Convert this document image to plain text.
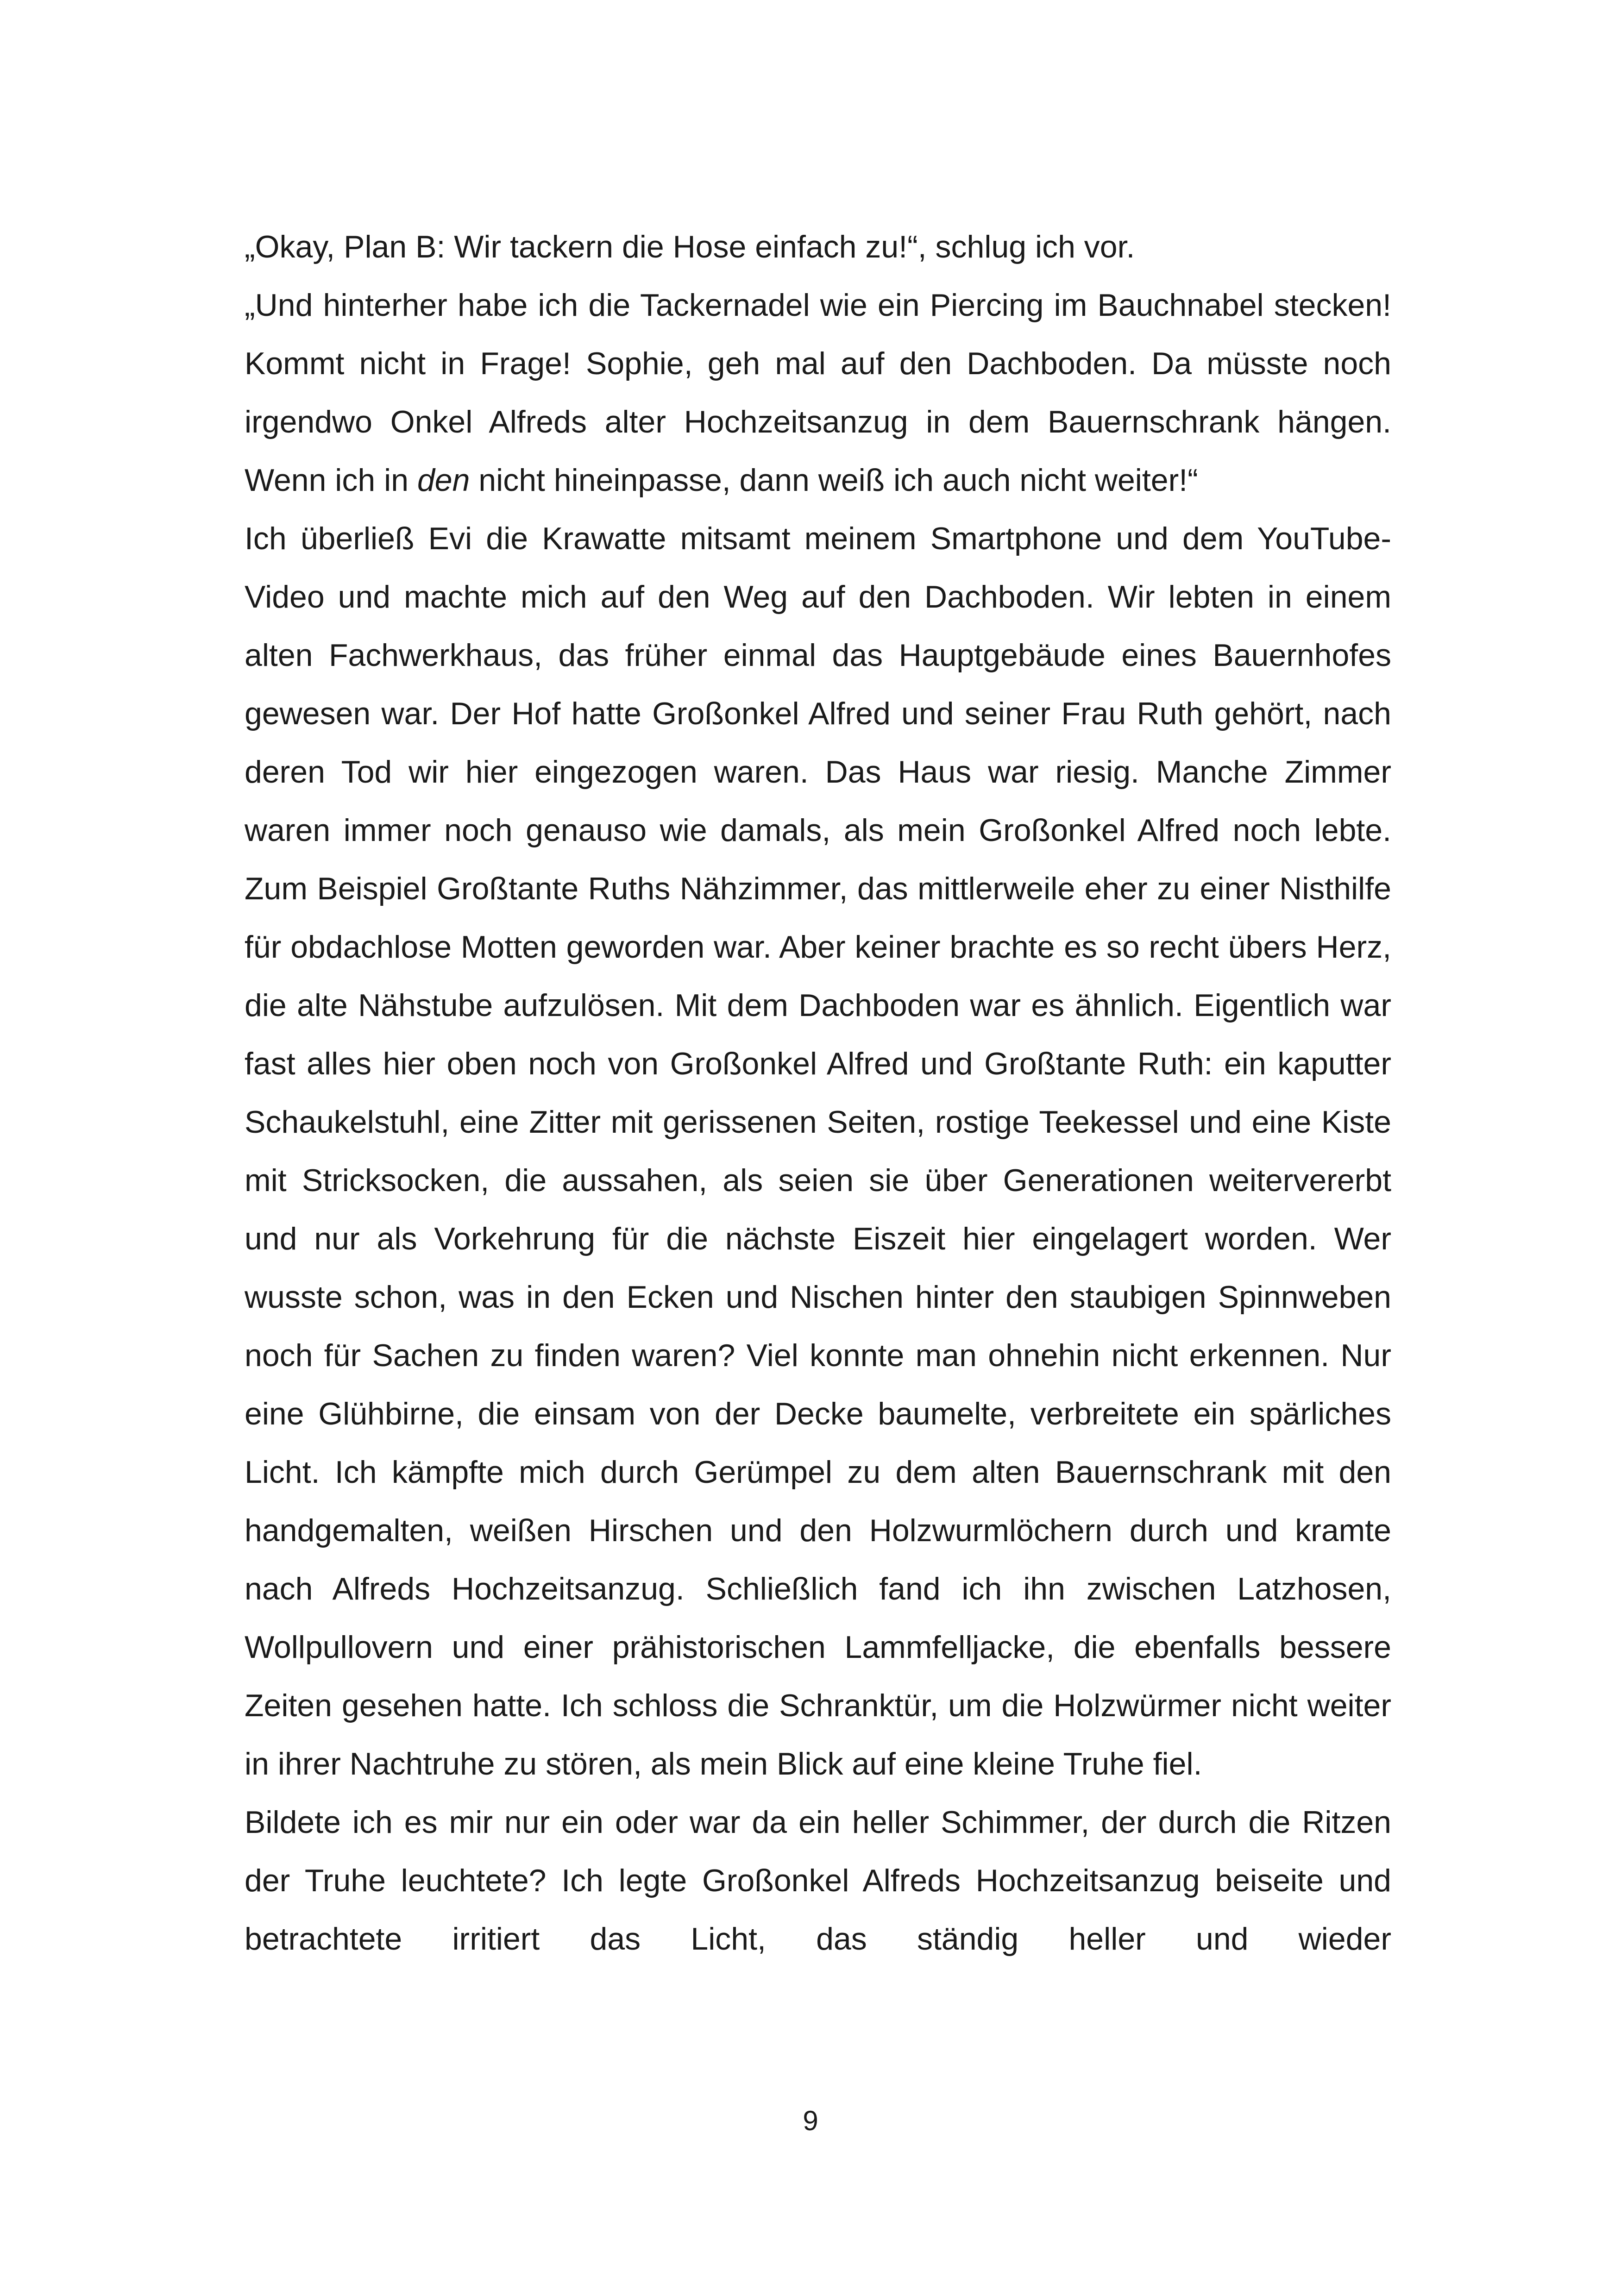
„Okay, Plan B: Wir tackern die Hose einfach zu!“, schlug ich vor.

„Und hinterher habe ich die Tackernadel wie ein Piercing im Bauchnabel stecken! Kommt nicht in Frage! Sophie, geh mal auf den Dachboden. Da müsste noch irgendwo Onkel Alfreds alter Hochzeitsanzug in dem Bauernschrank hängen. Wenn ich in den nicht hineinpasse, dann weiß ich auch nicht weiter!“

Ich überließ Evi die Krawatte mitsamt meinem Smartphone und dem YouTube-Video und machte mich auf den Weg auf den Dachboden. Wir lebten in einem alten Fachwerkhaus, das früher einmal das Hauptgebäude eines Bauernhofes gewesen war. Der Hof hatte Großonkel Alfred und seiner Frau Ruth gehört, nach deren Tod wir hier eingezogen waren. Das Haus war riesig. Manche Zimmer waren immer noch genauso wie damals, als mein Großonkel Alfred noch lebte. Zum Beispiel Großtante Ruths Nähzimmer, das mittlerweile eher zu einer Nisthilfe für obdachlose Motten geworden war. Aber keiner brachte es so recht übers Herz, die alte Nähstube aufzulösen. Mit dem Dachboden war es ähnlich. Eigentlich war fast alles hier oben noch von Großonkel Alfred und Großtante Ruth: ein kaputter Schaukelstuhl, eine Zitter mit gerissenen Seiten, rostige Teekessel und eine Kiste mit Stricksocken, die aussahen, als seien sie über Generationen weitervererbt und nur als Vorkehrung für die nächste Eiszeit hier eingelagert worden. Wer wusste schon, was in den Ecken und Nischen hinter den staubigen Spinnweben noch für Sachen zu finden waren? Viel konnte man ohnehin nicht erkennen. Nur eine Glühbirne, die einsam von der Decke baumelte, verbreitete ein spärliches Licht. Ich kämpfte mich durch Gerümpel zu dem alten Bauernschrank mit den handgemalten, weißen Hirschen und den Holzwurmlöchern durch und kramte nach Alfreds Hochzeitsanzug. Schließlich fand ich ihn zwischen Latzhosen, Wollpullovern und einer prähistorischen Lammfelljacke, die ebenfalls bessere Zeiten gesehen hatte. Ich schloss die Schranktür, um die Holzwürmer nicht weiter in ihrer Nachtruhe zu stören, als mein Blick auf eine kleine Truhe fiel.

Bildete ich es mir nur ein oder war da ein heller Schimmer, der durch die Ritzen der Truhe leuchtete? Ich legte Großonkel Alfreds Hochzeitsanzug beiseite und betrachtete irritiert das Licht, das ständig heller und wieder

9
